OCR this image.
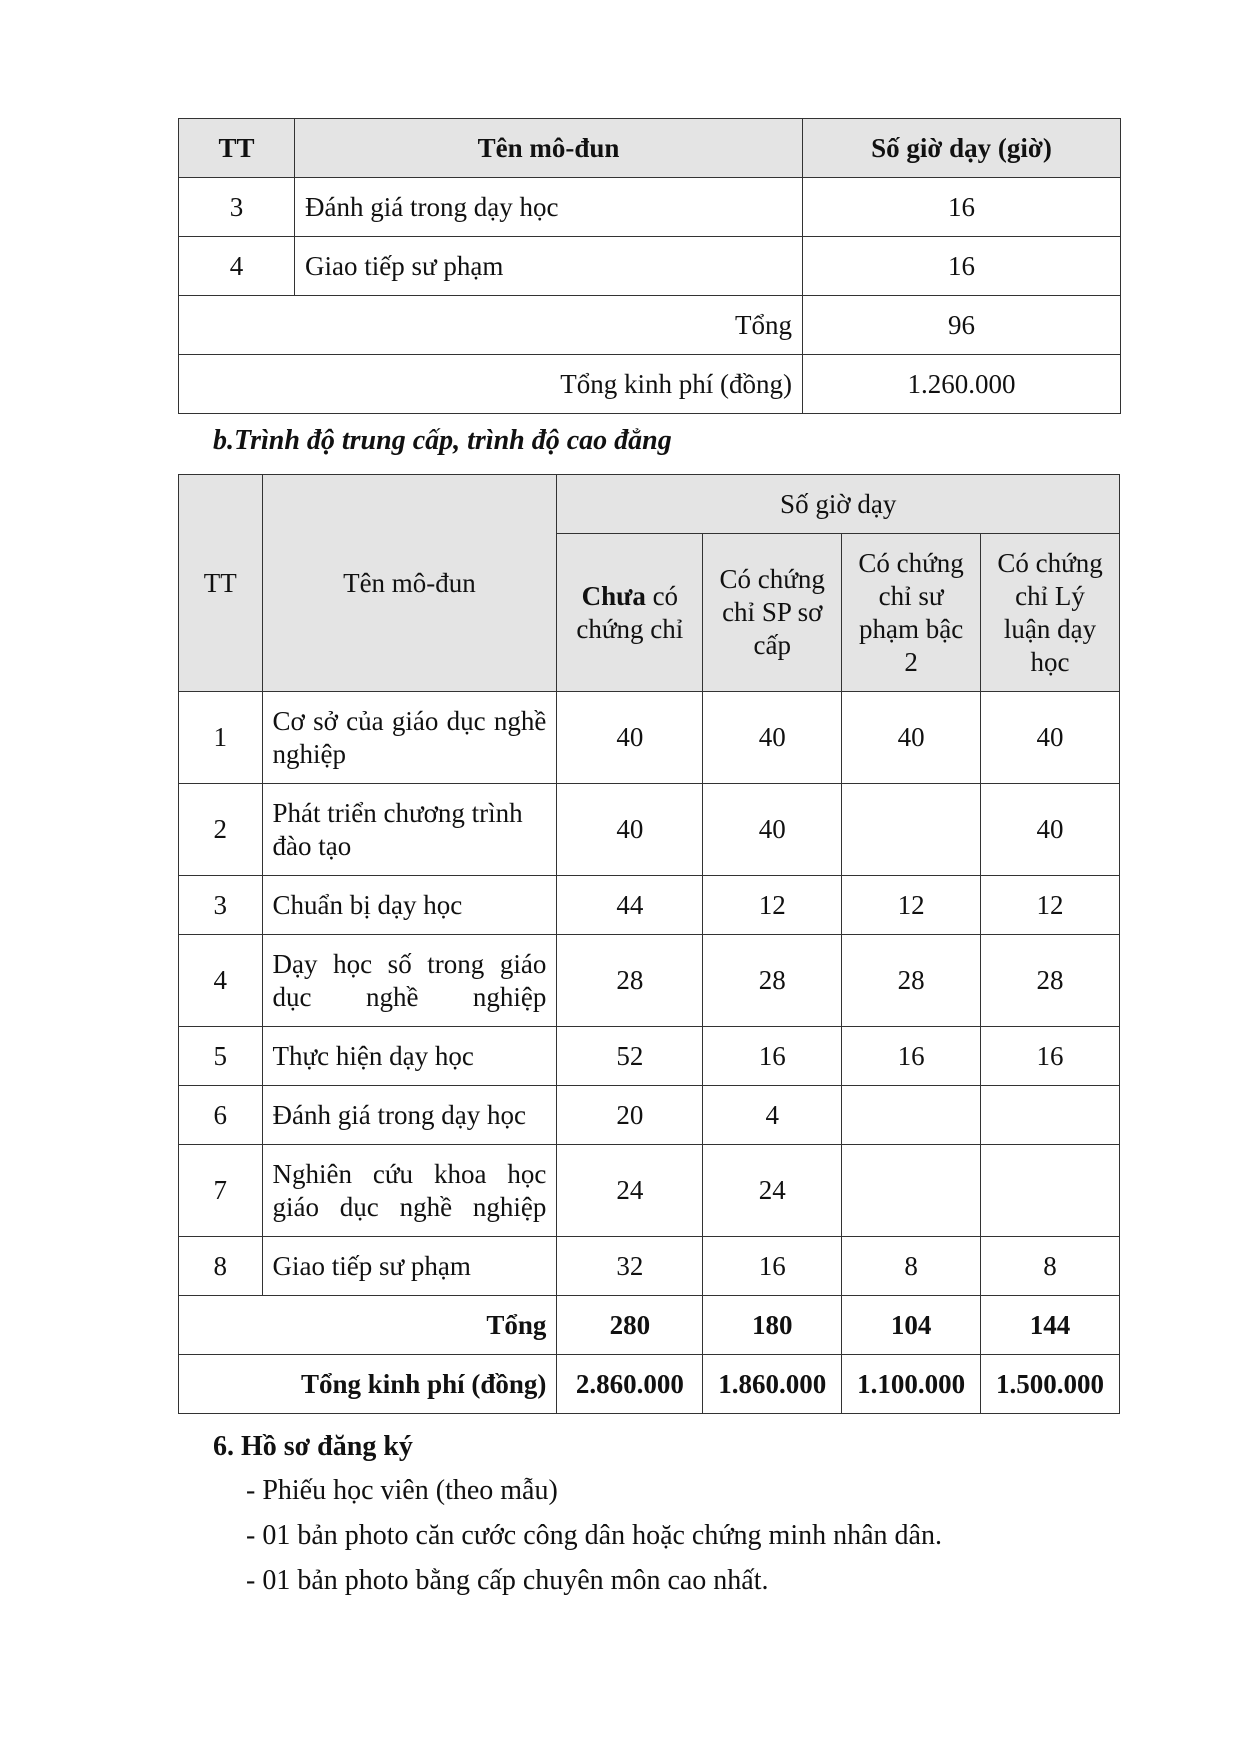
TT	Tên mô-đun	Số giờ dạy (giờ)
3	Đánh giá trong dạy học	16
4	Giao tiếp sư phạm	16
Tổng		96
Tổng kinh phí (đồng)		1.260.000
b.Trình độ trung cấp, trình độ cao đẳng
TT	Tên mô-đun	Số giờ dạy			
		Chưa có chứng chỉ	Có chứng chỉ SP sơ cấp	Có chứng chỉ sư phạm bậc 2	Có chứng chỉ Lý luận dạy học
1	Cơ sở của giáo dục nghề nghiệp	40	40	40	40
2	Phát triển chương trình đào tạo	40	40		40
3	Chuẩn bị dạy học	44	12	12	12
4	Dạy học số trong giáo dục nghề nghiệp	28	28	28	28
5	Thực hiện dạy học	52	16	16	16
6	Đánh giá trong dạy học	20	4		
7	Nghiên cứu khoa học giáo dục nghề nghiệp	24	24		
8	Giao tiếp sư phạm	32	16	8	8
Tổng		280	180	104	144
Tổng kinh phí (đồng)		2.860.000	1.860.000	1.100.000	1.500.000
6. Hồ sơ đăng ký
- Phiếu học viên (theo mẫu)
- 01 bản photo căn cước công dân hoặc chứng minh nhân dân.
- 01 bản photo bằng cấp chuyên môn cao nhất.
